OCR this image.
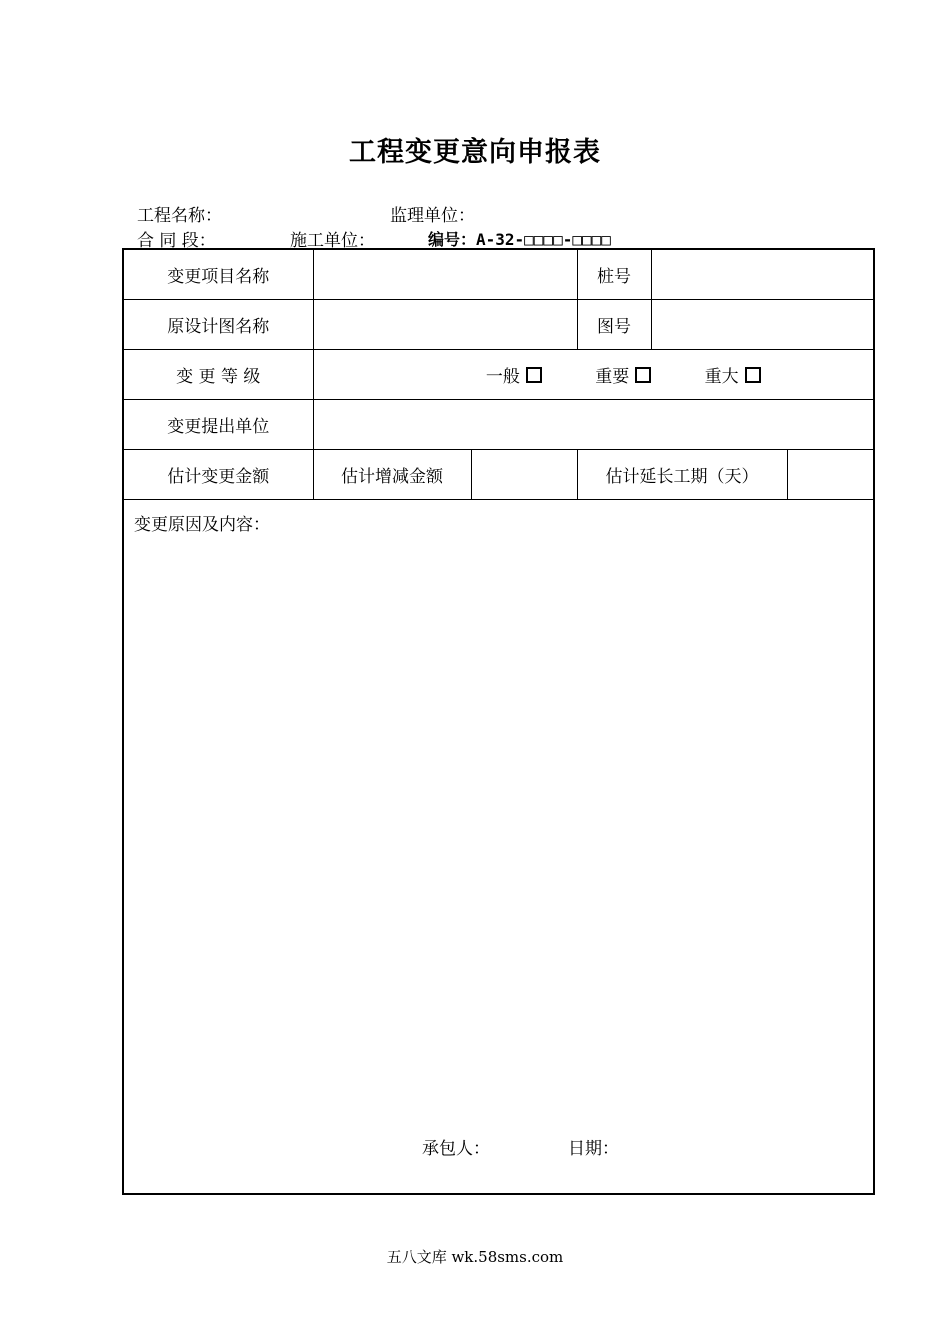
工程变更意向申报表
工程名称：	监理单位：
合 同 段：	施工单位：	编号：A-32-□□□□-□□□□
变更项目名称			桩号		
原设计图名称			图号		
变 更 等 级	一般 重要 重大				
变更提出单位					
估计变更金额	估计增减金额		估计延长工期（天）		

变更原因及内容：
承包人： 日期：					
五八文库 wk.58sms.com
